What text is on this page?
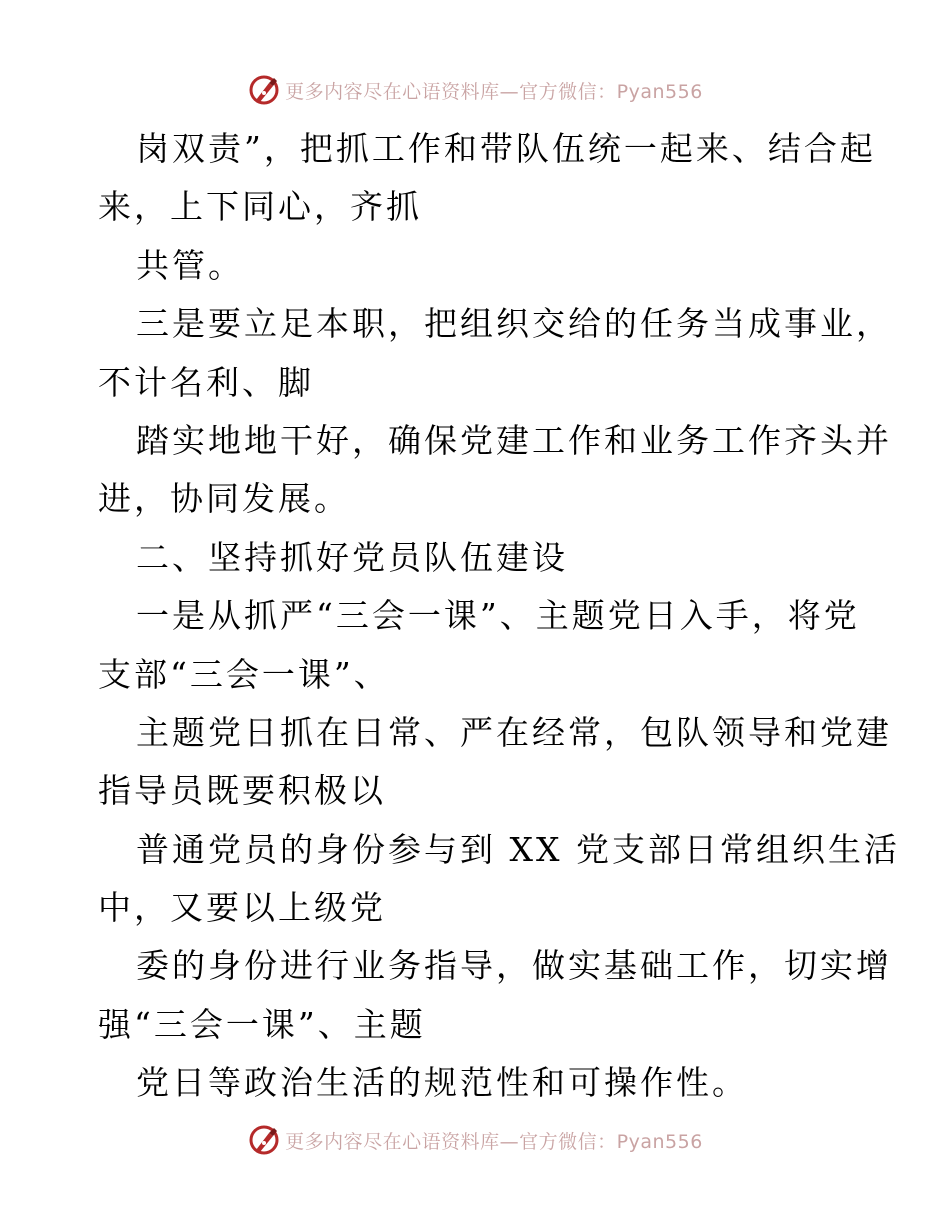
更多内容尽在心语资料库—官方微信：Pyan556
岗双责”，把抓工作和带队伍统一起来、结合起
来，上下同心，齐抓
共管。
三是要立足本职，把组织交给的任务当成事业，
不计名利、脚
踏实地地干好，确保党建工作和业务工作齐头并
进，协同发展。
二、坚持抓好党员队伍建设
一是从抓严“三会一课”、主题党日入手，将党
支部“三会一课”、
主题党日抓在日常、严在经常，包队领导和党建
指导员既要积极以
普通党员的身份参与到 XX 党支部日常组织生活
中，又要以上级党
委的身份进行业务指导，做实基础工作，切实增
强“三会一课”、主题
党日等政治生活的规范性和可操作性。
更多内容尽在心语资料库—官方微信：Pyan556
